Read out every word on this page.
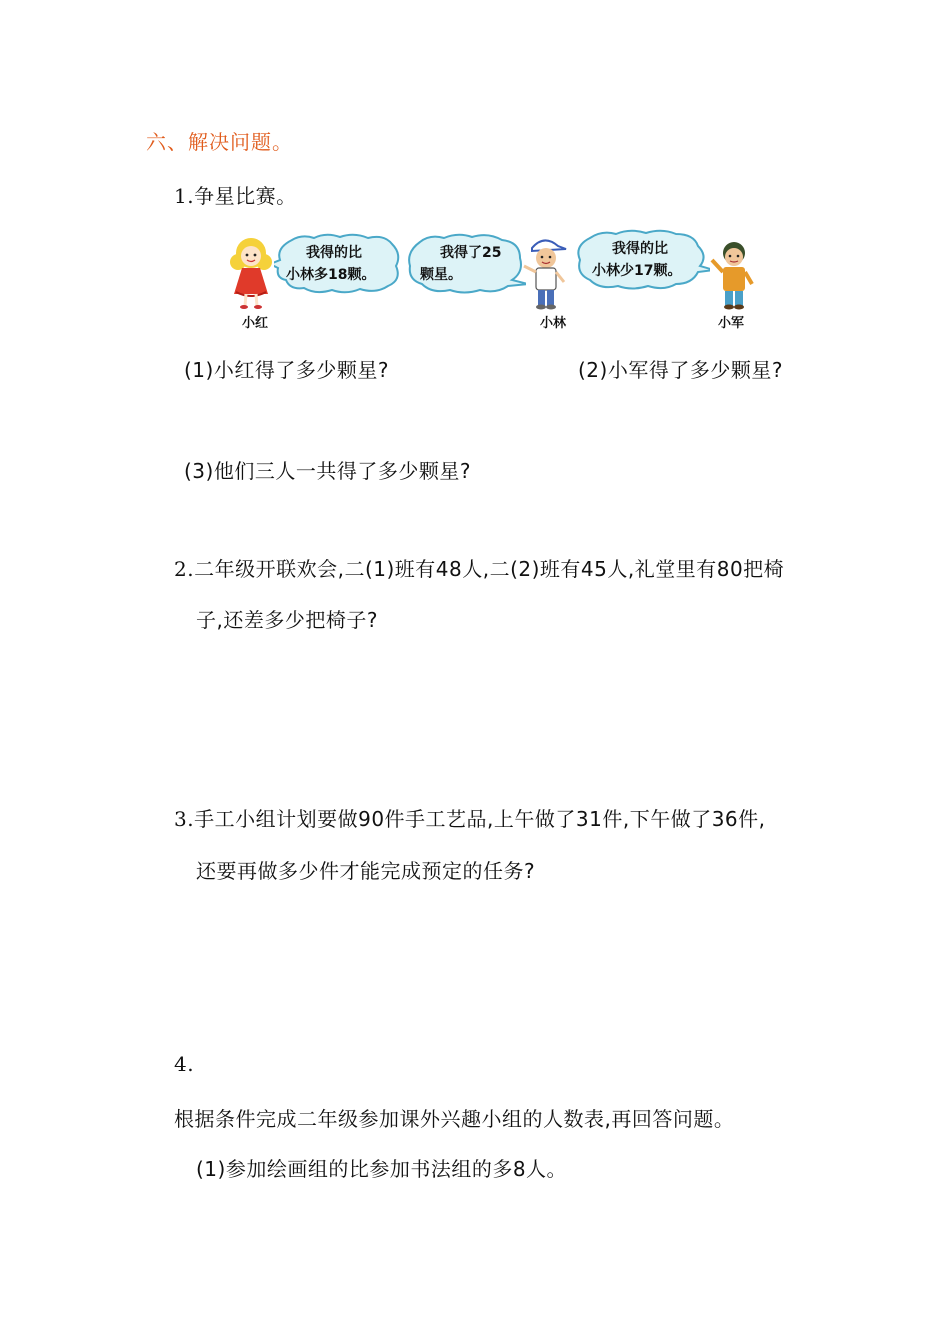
六、解决问题。
1.争星比赛。
我得的比
小林多18颗。
我得了25
颗星。
我得的比
小林少17颗。
小红	小林	小军
(1)小红得了多少颗星?	(2)小军得了多少颗星?
(3)他们三人一共得了多少颗星?
2.二年级开联欢会,二(1)班有48人,二(2)班有45人,礼堂里有80把椅
子,还差多少把椅子?
3.手工小组计划要做90件手工艺品,上午做了31件,下午做了36件,
还要再做多少件才能完成预定的任务?
4.
根据条件完成二年级参加课外兴趣小组的人数表,再回答问题。
(1)参加绘画组的比参加书法组的多8人。
